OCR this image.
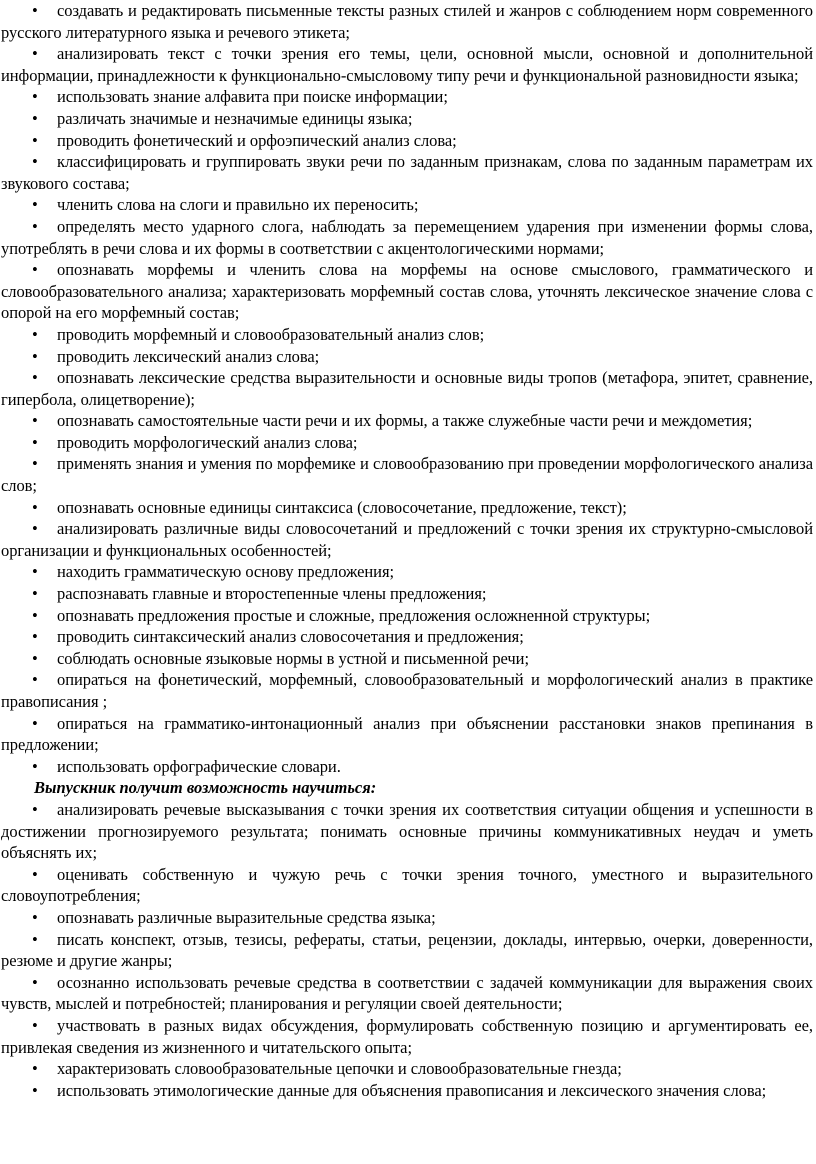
• создавать и редактировать письменные тексты разных стилей и жанров с соблюдением норм современного русского литературного языка и речевого этикета;

• анализировать текст с точки зрения его темы, цели, основной мысли, основной и дополнительной информации, принадлежности к функционально-смысловому типу речи и функциональной разновидности языка;

• использовать знание алфавита при поиске информации;

• различать значимые и незначимые единицы языка;

• проводить фонетический и орфоэпический анализ слова;

• классифицировать и группировать звуки речи по заданным признакам, слова по заданным параметрам их звукового состава;

• членить слова на слоги и правильно их переносить;

• определять место ударного слога, наблюдать за перемещением ударения при изменении формы слова, употреблять в речи слова и их формы в соответствии с акцентологическими нормами;

• опознавать морфемы и членить слова на морфемы на основе смыслового, грамматического и словообразовательного анализа; характеризовать морфемный состав слова, уточнять лексическое значение слова с опорой на его морфемный состав;

• проводить морфемный и словообразовательный анализ слов;

• проводить лексический анализ слова;

• опознавать лексические средства выразительности и основные виды тропов (метафора, эпитет, сравнение, гипербола, олицетворение);

• опознавать самостоятельные части речи и их формы, а также служебные части речи и междометия;

• проводить морфологический анализ слова;

• применять знания и умения по морфемике и словообразованию при проведении морфологического анализа слов;

• опознавать основные единицы синтаксиса (словосочетание, предложение, текст);

• анализировать различные виды словосочетаний и предложений с точки зрения их структурно-смысловой организации и функциональных особенностей;

• находить грамматическую основу предложения;

• распознавать главные и второстепенные члены предложения;

• опознавать предложения простые и сложные, предложения осложненной структуры;

• проводить синтаксический анализ словосочетания и предложения;

• соблюдать основные языковые нормы в устной и письменной речи;

• опираться на фонетический, морфемный, словообразовательный и морфологический анализ в практике правописания ;

• опираться на грамматико-интонационный анализ при объяснении расстановки знаков препинания в предложении;

• использовать орфографические словари.

Выпускник получит возможность научиться:

• анализировать речевые высказывания с точки зрения их соответствия ситуации общения и успешности в достижении прогнозируемого результата; понимать основные причины коммуникативных неудач и уметь объяснять их;

• оценивать собственную и чужую речь с точки зрения точного, уместного и выразительного словоупотребления;

• опознавать различные выразительные средства языка;

• писать конспект, отзыв, тезисы, рефераты, статьи, рецензии, доклады, интервью, очерки, доверенности, резюме и другие жанры;

• осознанно использовать речевые средства в соответствии с задачей коммуникации для выражения своих чувств, мыслей и потребностей; планирования и регуляции своей деятельности;

• участвовать в разных видах обсуждения, формулировать собственную позицию и аргументировать ее, привлекая сведения из жизненного и читательского опыта;

• характеризовать словообразовательные цепочки и словообразовательные гнезда;

• использовать этимологические данные для объяснения правописания и лексического значения слова;
